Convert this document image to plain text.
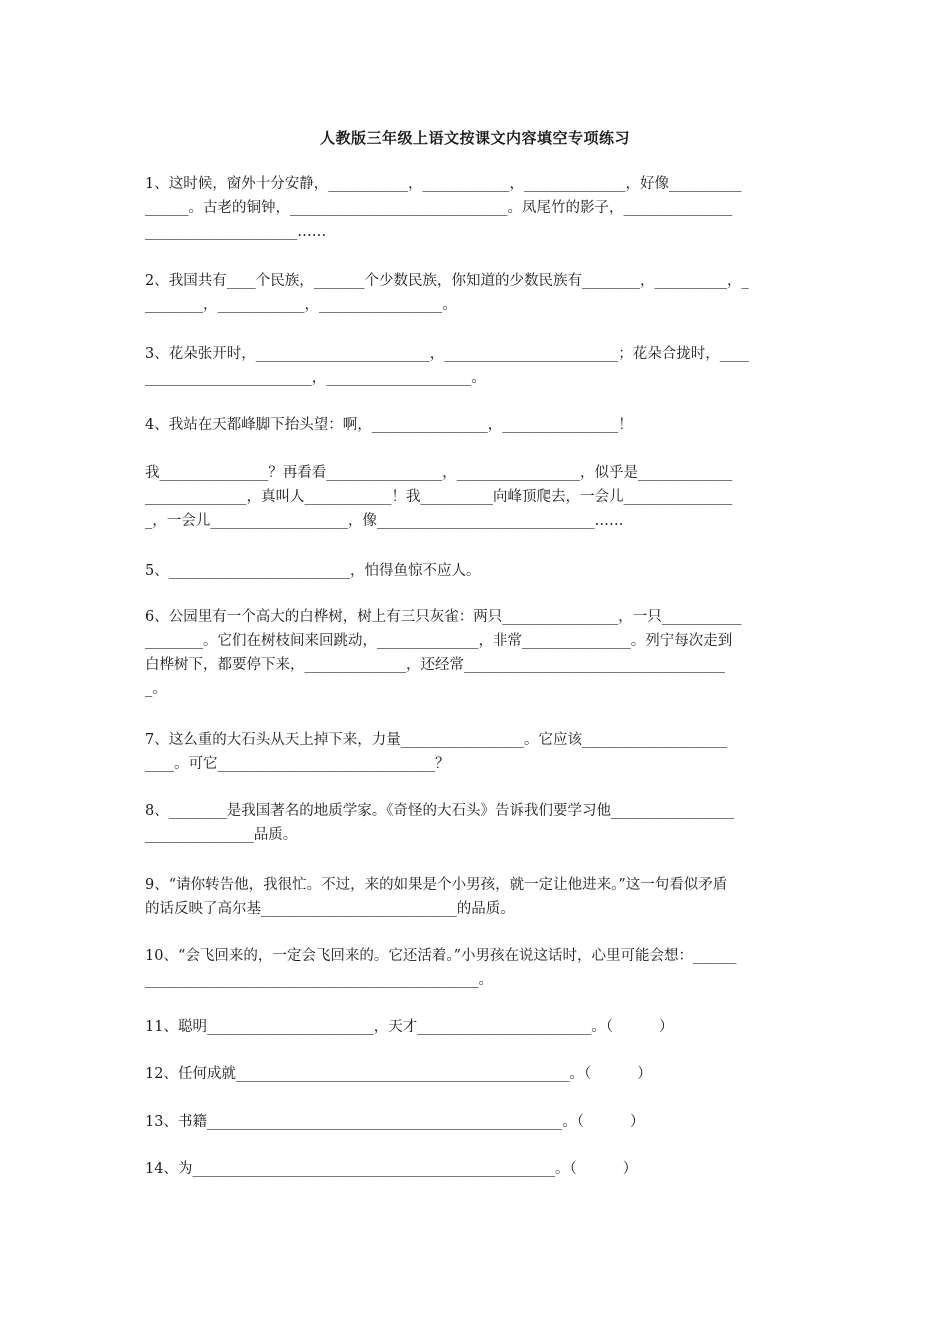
人教版三年级上语文按课文内容填空专项练习

1、这时候，窗外十分安静，___________，____________，______________，好像__________
______。古老的铜钟，______________________________。凤尾竹的影子，_______________
_____________________……

2、我国共有____个民族，_______个少数民族，你知道的少数民族有________，__________，_
________，____________，_________________。

3、花朵张开时，________________________，________________________；花朵合拢时，____
_______________________，____________________。

4、我站在天都峰脚下抬头望：啊，________________，________________！

我_______________？再看看________________，_________________，似乎是_____________
______________，真叫人____________！我__________向峰顶爬去，一会儿_______________
_，一会儿___________________，像______________________________……

5、_________________________，怕得鱼惊不应人。

6、公园里有一个高大的白桦树，树上有三只灰雀：两只________________，一只___________
________。它们在树枝间来回跳动，______________，非常_______________。列宁每次走到
白桦树下，都要停下来，______________，还经常____________________________________
_。

7、这么重的大石头从天上掉下来，力量_________________。它应该____________________
____。可它______________________________？

8、________是我国著名的地质学家。《奇怪的大石头》告诉我们要学习他_________________
_______________品质。

9、“请你转告他，我很忙。不过，来的如果是个小男孩，就一定让他进来。”这一句看似矛盾
的话反映了高尔基___________________________的品质。

10、“会飞回来的，一定会飞回来的。它还活着。”小男孩在说这话时，心里可能会想：______
______________________________________________。

11、聪明_______________________，天才________________________。（          ）

12、任何成就______________________________________________。（          ）

13、书籍_________________________________________________。（          ）

14、为__________________________________________________。（          ）
